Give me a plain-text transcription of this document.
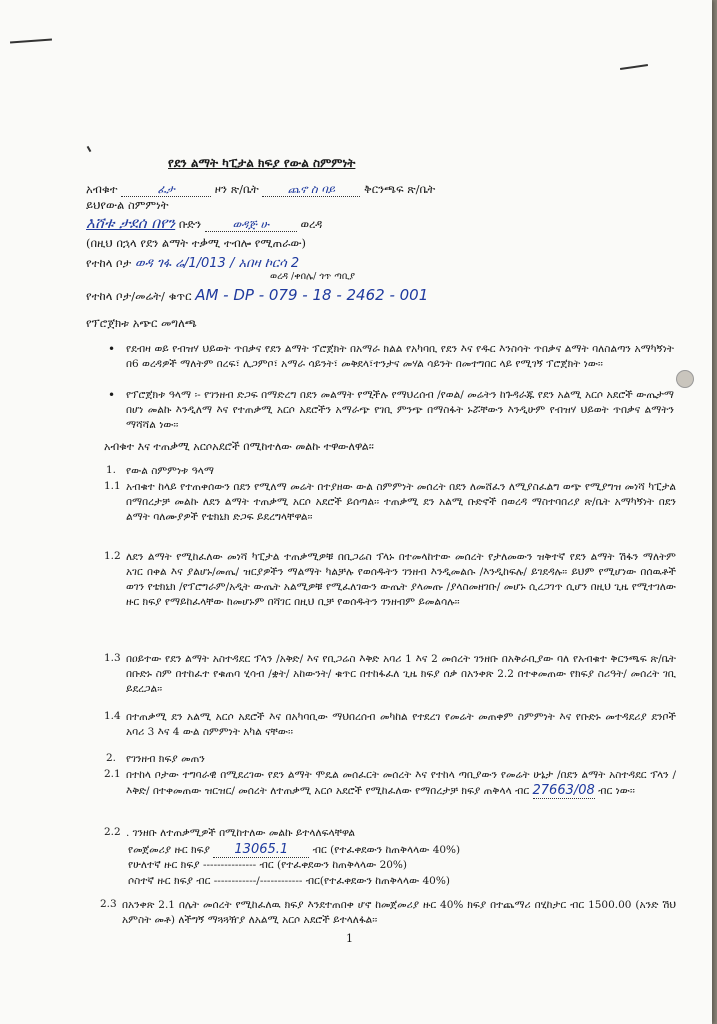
የደን ልማት ካፒታል ክፍያ የውል ስምምነት
አብቁተ	ፈታ	ዞን ጽ/ቤት	ጨኖ ስ ባይ	ቅርንጫፍ ጽ/ቤት
ይህየውል ስምምነት
እሸቱ ታደሰ በየን ቡድን	ወዳጅ ሁ	ወረዳ
(በዚህ በኋላ የደን ልማት ተቃሚ ተብሎ የሚጠራው)
የተከላ ቦታ ወዳ ገፋ ሬ/1/013 / አበዛ ኮርሳ 2
ወረዳ /ቀበሌ/ ጎጥ ጣቢያ
የተከላ ቦታ/መሬት/ ቁጥር AM - DP - 079 - 18 - 2462 - 001
የፕሮጀክቱ አጭር መግለጫ
• የደብዛ ወይ የብዝሃ ህይወት ጥበቃና የደን ልማት ፕሮጀክት በአማራ ክልል የአካባቢ የደን እና የዱር እንስሳት ጥበቃና ልማት ባለስልጣን አማካኝነት በ6 ወረዳዎች ማለትም በረፍ፣ ሊጋምቦ፣ አማራ ሳይንት፣ መቅደላ፣ተንታና መሃል ሳይንት በመተግበር ላይ የሚገኝ ፕሮጀክት ነው፡፡
• የፕሮጀክቱ ዓላማ ፡- የገንዘብ ድጋፍ በማድረግ በደን መልማት የሚችሉ የማህረሰብ /የወል/ መሬትን ከጉዳራጁ የደን አልሚ አርሶ አደሮች ውጤታማ በሆነ መልኩ እንዲለማ እና የተጠቃሚ አርሶ አደሮችን አማራጭ የገቢ ምንጭ በማስፋት ኑሯቸውን እንዲሁም የብዝሃ ህይወት ጥበቃና ልማትን ማሻሻል ነው፡፡
አብቁተ እና ተጠቃሚ አርሶአደሮች በሚከተለው መልኩ ተዋውለዋል፡፡
1. የውል ስምምነቱ ዓላማ
1.1 አብቁተ ከላይ የተጠቀሰውን በደን የሚለማ መሬት በተያዘው ውል ስምምነት መሰረት በደን ለመሸፈን ለሚያስፈልግ ወጭ የሚያግዝ መነሻ ካፒታል በማበረታቻ መልኩ ለደን ልማት ተጠቃሚ አርሶ አደሮች ይሰጣል፡፡ ተጠቃሚ ደን አልሚ ቡድኖች በወረዳ ማስተባበሪያ ጽ/ቤት አማካኝነት በደን ልማት ባለሙያዎች የቴክኒክ ድጋፍ ይደረግላቸዋል፡፡
1.2 ለደን ልማት የሚከፈለው መነሻ ካፒታል ተጠቃሚዎቹ በቢጋሬስ ፕላኑ በተመላከተው መሰረት የታለመውን ዝቅተኛ የደን ልማት ሽፋን ማለትም አገር በቀል እና ያልሆኑ/መጤ/ ዝርያዎችን ማልማት ካልቻሉ የወሰዱትን ገንዘብ እንዲመልሱ /እንዲከፍሉ/ ይገደዳሉ፡፡ ይህም የሚሆነው በሰዉቶች ወገን የቴክኒክ /የፕሮግራም/አዲት ውጤት አልሚዎቹ የሚፈለገውን ውጤት ያላመጡ /ያላስመዘገቡ/ መሆኑ ሲረጋገጥ ሲሆን በዚህ ጊዜ የሚተገለው ዙር ክፍያ የማይከፈላቸው ከመሆኑም በሻገር በዚህ ቢቻ የወሰዱትን ገንዘብም ይመልሳሉ፡፡
1.3 በዐይተው የደን ልማት አስተዳደር ፕላን /አቅድ/ እና የቢጋሬስ እቅድ አባሪ 1 እና 2 መሰረት ገንዘቡ በአቅራቢያው ባለ የአብቁተ ቅርንጫፍ ጽ/ቤት በቡድኑ ስም በተከፈተ የቁጠባ ሂሳብ /ቋት/ አከውንት/ ቁጥር በተከፋፈለ ጊዜ ክፍያ ሰቃ በአንቀጽ 2.2 በተቀመጠው የክፍያ ስሪዓት/ መሰረት ገቢ ይደረጋል፡፡
1.4 በተጠቃሚ ደን አልሚ አርሶ አደሮች እና በአካባቢው ማህበረሰብ መካከል የተደረገ የመሬት መጠቀም ስምምነት እና የቡድኑ መተዳደሪያ ደንቦች አባሪ 3 እና 4 ውል ስምምነት አካል ናቸው፡፡
2. የገንዘብ ክፍያ መጠን
2.1 በተከላ ቦታው ተግባራዊ በሚደረገው የደን ልማት ሞዴል መሰፈርት መሰረት እና የተከላ ጣቢያውን የመሬት ሁኔታ /በደን ልማት አስተዳደር ፕላን /እቅድ/ በተቀመጠው ዝርዝር/ መሰረት ለተጠቃሚ አርሶ አደሮች የሚከፈለው የማበረታቻ ክፍያ ጠቅላላ ብር 27663/08 ብር ነው፡፡
2.2 . ገንዘቡ ለተጠቃሚዎች በሚከተለው መልኩ ይተላለፍላቸዋል
የመጀመሪያ ዙር ክፍያ 13065.1 ብር (የተፈቀደውን ከጠቅላላው 40%)
የሁለተኛ ዙር ክፍያ --------------- ብር (የተፈቀደውን ከጠቅላላው 20%)
ሶስተኛ ዙር ክፍያ ብር ------------/------------ ብር(የተፈቀደውን ከጠቅላላው 40%)
2.3 በአንቀጽ 2.1 በሌት መሰረት የሚከፈለዉ ክፍያ እንደተጠበቀ ሆኖ ከመጀመሪያ ዙር 40% ክፍያ በተጨማሪ በሂከታር ብር 1500.00 (አንድ ሽህ አምስት መቶ) ለችግኝ ማጓጓዥያ ለአልሚ አርሶ አደሮች ይተላለፋል፡፡
1
